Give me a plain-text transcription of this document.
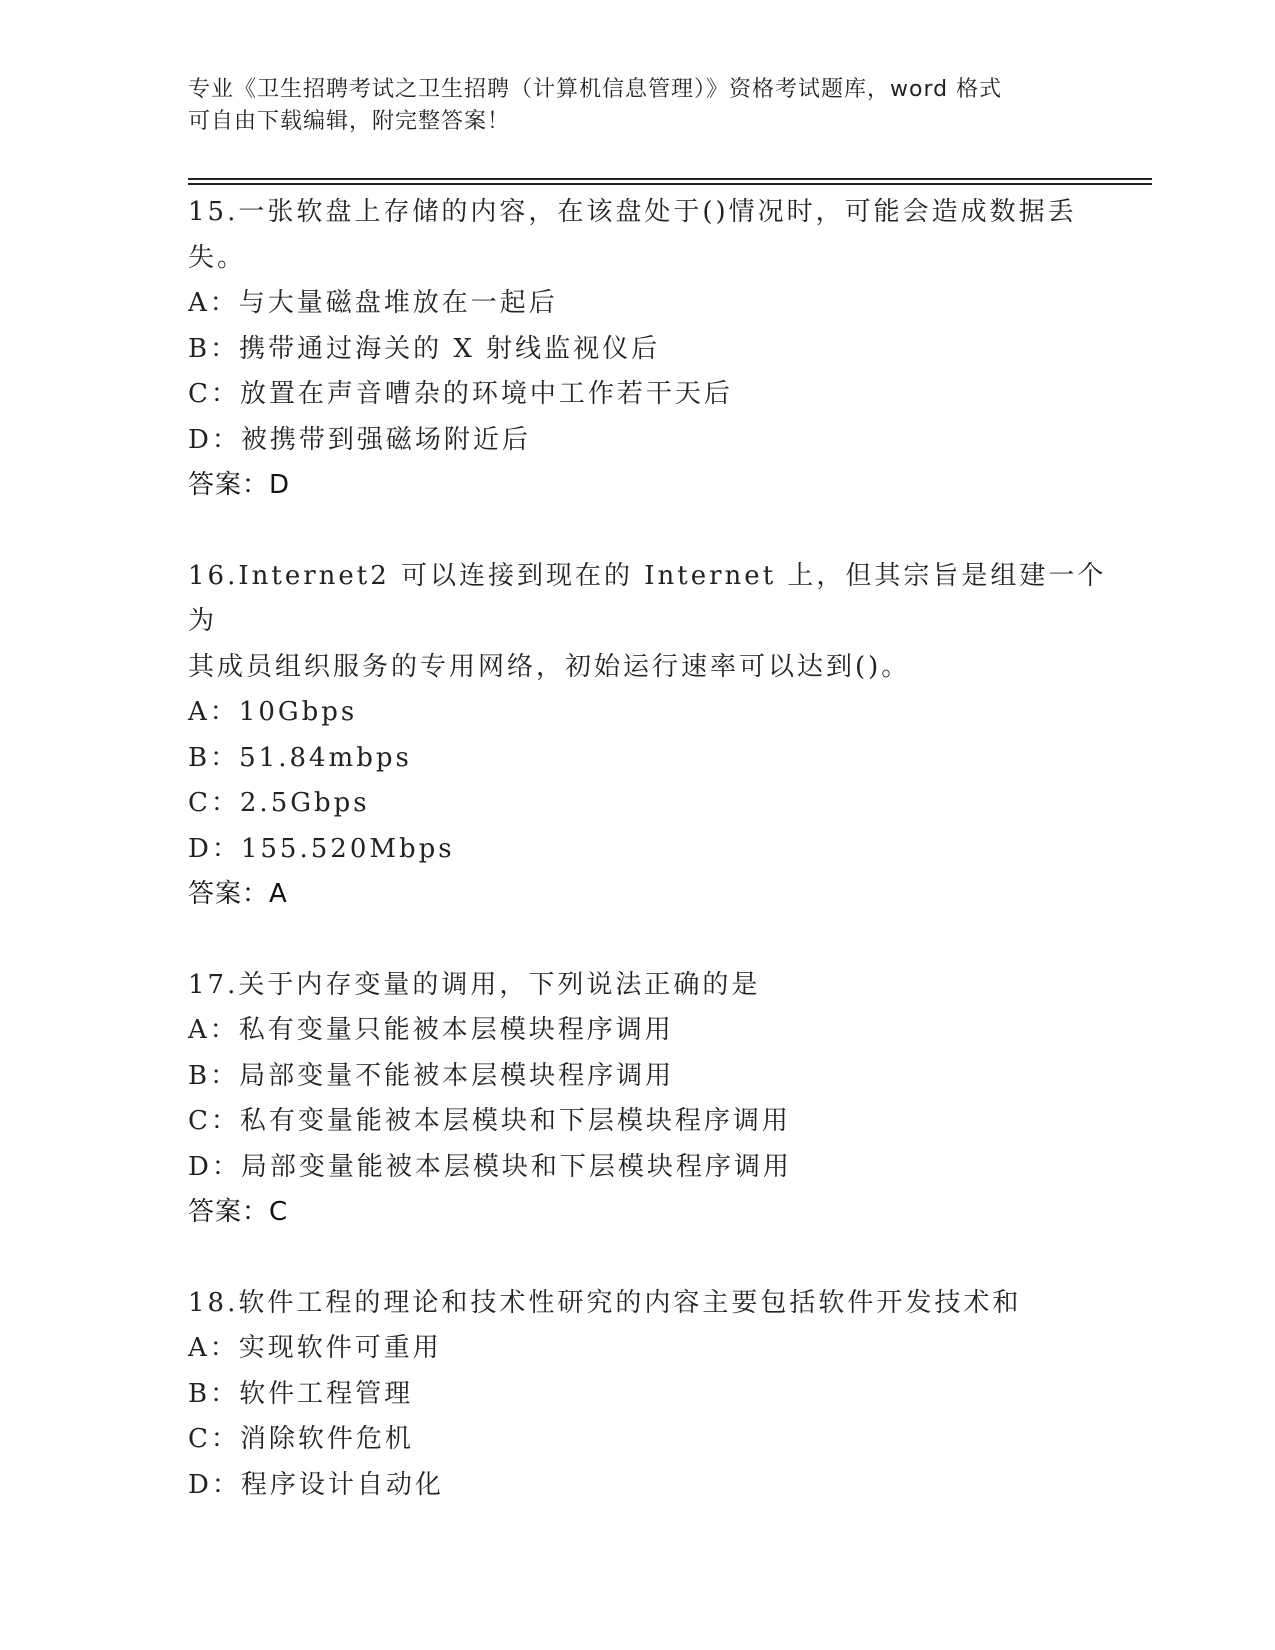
专业《卫生招聘考试之卫生招聘（计算机信息管理）》资格考试题库，word 格式
可自由下载编辑，附完整答案！
15.一张软盘上存储的内容，在该盘处于()情况时，可能会造成数据丢
失。
A：与大量磁盘堆放在一起后
B：携带通过海关的 X 射线监视仪后
C：放置在声音嘈杂的环境中工作若干天后
D：被携带到强磁场附近后
答案：D
16.Internet2 可以连接到现在的 Internet 上，但其宗旨是组建一个为
其成员组织服务的专用网络，初始运行速率可以达到()。
A：10Gbps
B：51.84mbps
C：2.5Gbps
D：155.520Mbps
答案：A
17.关于内存变量的调用，下列说法正确的是
A：私有变量只能被本层模块程序调用
B：局部变量不能被本层模块程序调用
C：私有变量能被本层模块和下层模块程序调用
D：局部变量能被本层模块和下层模块程序调用
答案：C
18.软件工程的理论和技术性研究的内容主要包括软件开发技术和
A：实现软件可重用
B：软件工程管理
C：消除软件危机
D：程序设计自动化
